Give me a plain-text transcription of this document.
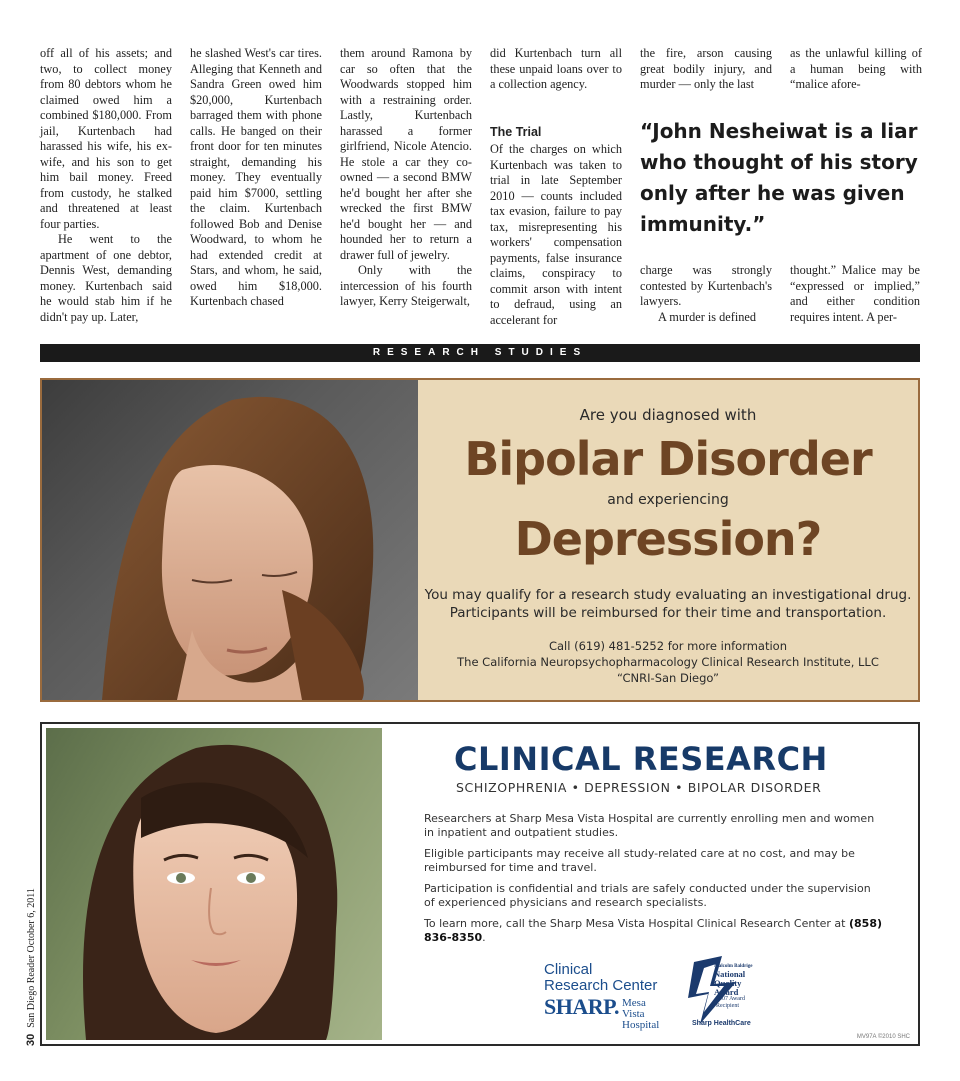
off all of his assets; and two, to collect money from 80 debtors whom he claimed owed him a combined $180,000. From jail, Kurtenbach had harassed his wife, his ex-wife, and his son to get him bail money. Freed from custody, he stalked and threatened at least four parties.

He went to the apartment of one debtor, Dennis West, demanding money. Kurtenbach said he would stab him if he didn't pay up. Later,

he slashed West's car tires. Alleging that Kenneth and Sandra Green owed him $20,000, Kurtenbach barraged them with phone calls. He banged on their front door for ten minutes straight, demanding his money. They eventually paid him $7000, settling the claim. Kurtenbach followed Bob and Denise Woodward, to whom he had extended credit at Stars, and whom, he said, owed him $18,000. Kurtenbach chased

them around Ramona by car so often that the Woodwards stopped him with a restraining order. Lastly, Kurtenbach harassed a former girlfriend, Nicole Atencio. He stole a car they co-owned — a second BMW he'd bought her after she wrecked the first BMW he'd bought her — and hounded her to return a drawer full of jewelry.

Only with the intercession of his fourth lawyer, Kerry Steigerwalt,

did Kurtenbach turn all these unpaid loans over to a collection agency.

The Trial

Of the charges on which Kurtenbach was taken to trial in late September 2010 — counts included tax evasion, failure to pay tax, misrepresenting his workers' compensation payments, false insurance claims, conspiracy to commit arson with intent to defraud, using an accelerant for

the fire, arson causing great bodily injury, and murder — only the last

as the unlawful killing of a human being with “malice afore-

“John Nesheiwat is a liar who thought of his story only after he was given immunity.”

charge was strongly contested by Kurtenbach's lawyers.

A murder is defined

thought.” Malice may be “expressed or implied,” and either condition requires intent. A per-

RESEARCH STUDIES
Are you diagnosed with
Bipolar Disorder
and experiencing
Depression?
You may qualify for a research study evaluating an investigational drug.
Participants will be reimbursed for their time and transportation.
Call (619) 481-5252 for more information
The California Neuropsychopharmacology Clinical Research Institute, LLC
“CNRI-San Diego”
CLINICAL RESEARCH
SCHIZOPHRENIA • DEPRESSION • BIPOLAR DISORDER

Researchers at Sharp Mesa Vista Hospital are currently enrolling men and women in inpatient and outpatient studies.

Eligible participants may receive all study-related care at no cost, and may be reimbursed for time and travel.

Participation is confidential and trials are safely conducted under the supervision of experienced physicians and research specialists.

To learn more, call the Sharp Mesa Vista Hospital Clinical Research Center at (858) 836-8350.

Clinical
Research Center
SHARP. Mesa Vista
Hospital
Malcolm Baldrige
National
Quality
Award
2007 Award
Recipient
Sharp HealthCare
MV97A ©2010 SHC
30San Diego Reader October 6, 2011
